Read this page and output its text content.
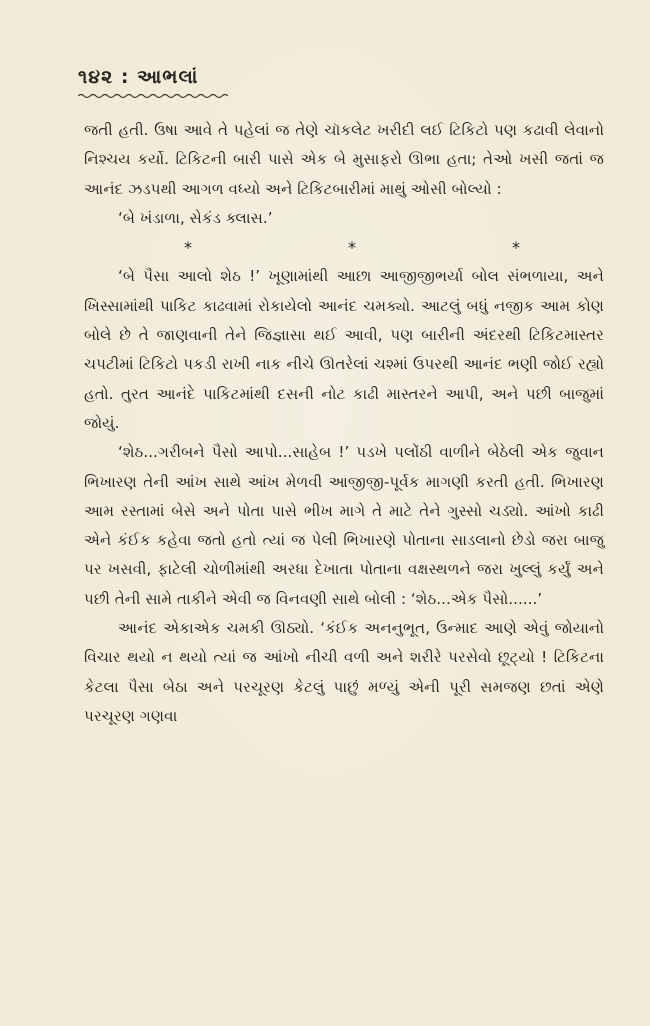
૧૪૨ : આભલાં

જતી હતી. ઉષા આવે તે પહેલાં જ તેણે ચૉકલેટ ખરીદી લઈ ટિકિટો પણ કઢાવી લેવાનો નિશ્ચય કર્યો. ટિકિટની બારી પાસે એક બે મુસાફરો ઊભા હતા; તેઓ ખસી જતાં જ આનંદ ઝડપથી આગળ વધ્યો અને ટિકિટબારીમાં માથું ઓસી બોલ્યો :

‘બે ખંડાળા, સેકંડ ક્લાસ.’

*	*	*

‘બે પૈસા આલો શેઠ !’ ખૂણામાંથી આછા આજીજીભર્યા બોલ સંભળાયા, અને ખિસ્સામાંથી પાકિટ કાઢવામાં રોકાયેલો આનંદ ચમક્યો. આટલું બધું નજીક આમ કોણ બોલે છે તે જાણવાની તેને જિજ્ઞાસા થઈ આવી, પણ બારીની અંદરથી ટિકિટમાસ્તર ચપટીમાં ટિકિટો પકડી રાખી નાક નીચે ઊતરેલાં ચશ્માં ઉપરથી આનંદ ભણી જોઈ રહ્યો હતો. તુરત આનંદે પાકિટમાંથી દસની નોટ કાઢી માસ્તરને આપી, અને પછી બાજુમાં જોયું.

‘શેઠ...ગરીબને પૈસો આપો...સાહેબ !’ પડખે પલોંઠી વાળીને બેઠેલી એક જુવાન ભિખારણ તેની આંખ સાથે આંખ મેળવી આજીજી-પૂર્વક માગણી કરતી હતી. ભિખારણ આમ રસ્તામાં બેસે અને પોતા પાસે ભીખ માગે તે માટે તેને ગુસ્સો ચડ્યો. આંખો કાઢી એને કંઈક કહેવા જતો હતો ત્યાં જ પેલી ભિખારણે પોતાના સાડલાનો છેડો જરા બાજુ પર ખસવી, ફાટેલી ચોળીમાંથી અરધા દેખાતા પોતાના વક્ષસ્થળને જરા ખુલ્લું કર્યું અને પછી તેની સામે તાકીને એવી જ વિનવણી સાથે બોલી : ‘શેઠ...એક પૈસો......’

આનંદ એકાએક ચમકી ઊઠ્યો. ‘કંઈક અનનુભૂત, ઉન્માદ આણે એવું જોયાનો વિચાર થયો ન થયો ત્યાં જ આંખો નીચી વળી અને શરીરે પરસેવો છૂટ્યો ! ટિકિટના કેટલા પૈસા બેઠા અને પરચૂરણ કેટલું પાછું મળ્યું એની પૂરી સમજણ છતાં એણે પરચૂરણ ગણવા
